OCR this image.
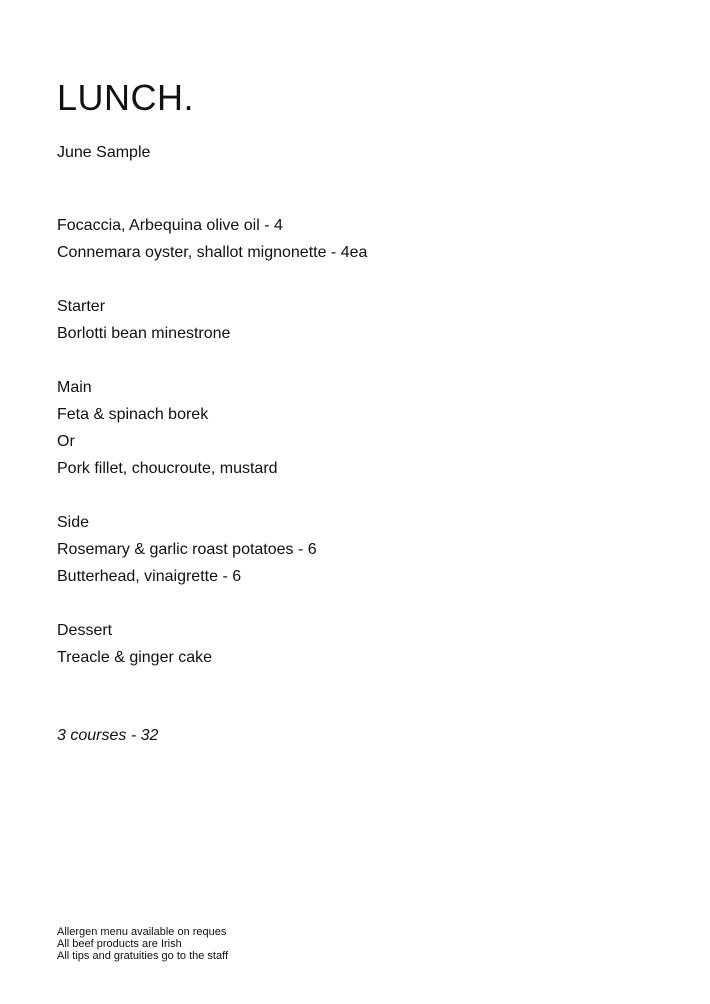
LUNCH.
June Sample
Focaccia, Arbequina olive oil - 4
Connemara oyster, shallot mignonette - 4ea
Starter
Borlotti bean minestrone
Main
Feta & spinach borek
Or
Pork fillet, choucroute, mustard
Side
Rosemary & garlic roast potatoes - 6
Butterhead, vinaigrette - 6
Dessert
Treacle & ginger cake
3 courses - 32
Allergen menu available on reques
All beef products are Irish
All tips and gratuities go to the staff
